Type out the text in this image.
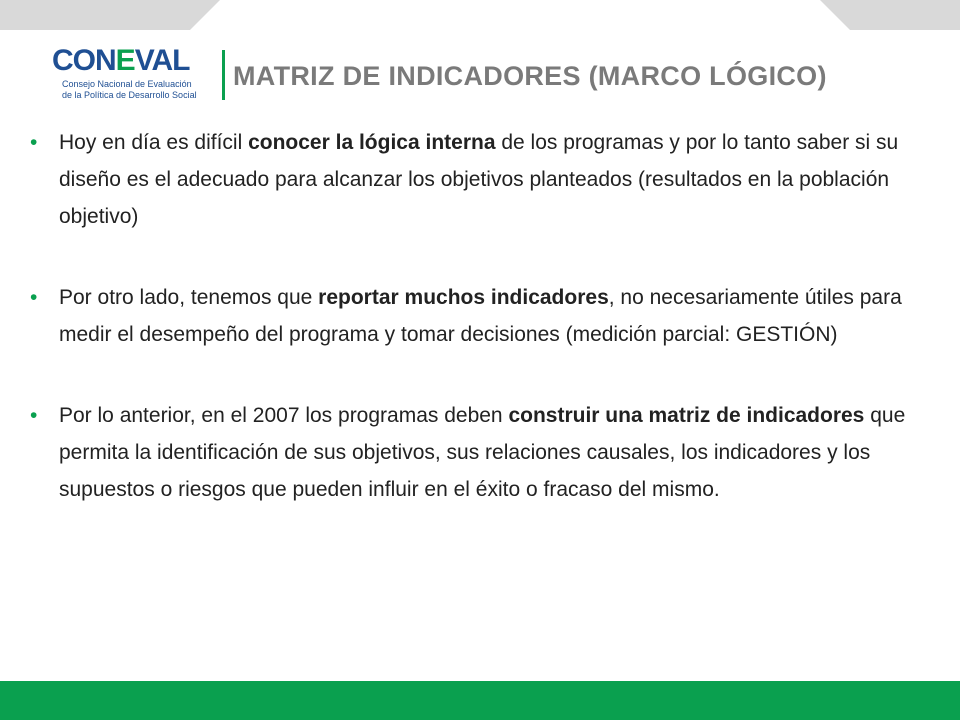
CONEVAL
Consejo Nacional de Evaluación
de la Política de Desarrollo Social
MATRIZ DE INDICADORES (MARCO LÓGICO)
•	Hoy en día es difícil conocer la lógica interna de los programas y por lo tanto saber si su diseño es el adecuado para alcanzar los objetivos planteados (resultados en la población objetivo)
•	Por otro lado, tenemos que reportar muchos indicadores, no necesariamente útiles para medir el desempeño del programa y tomar decisiones (medición parcial: GESTIÓN)
•	Por lo anterior, en el 2007 los programas deben construir una matriz de indicadores que permita la identificación de sus objetivos, sus relaciones causales, los indicadores y los supuestos o riesgos que pueden influir en el éxito o fracaso del mismo.
